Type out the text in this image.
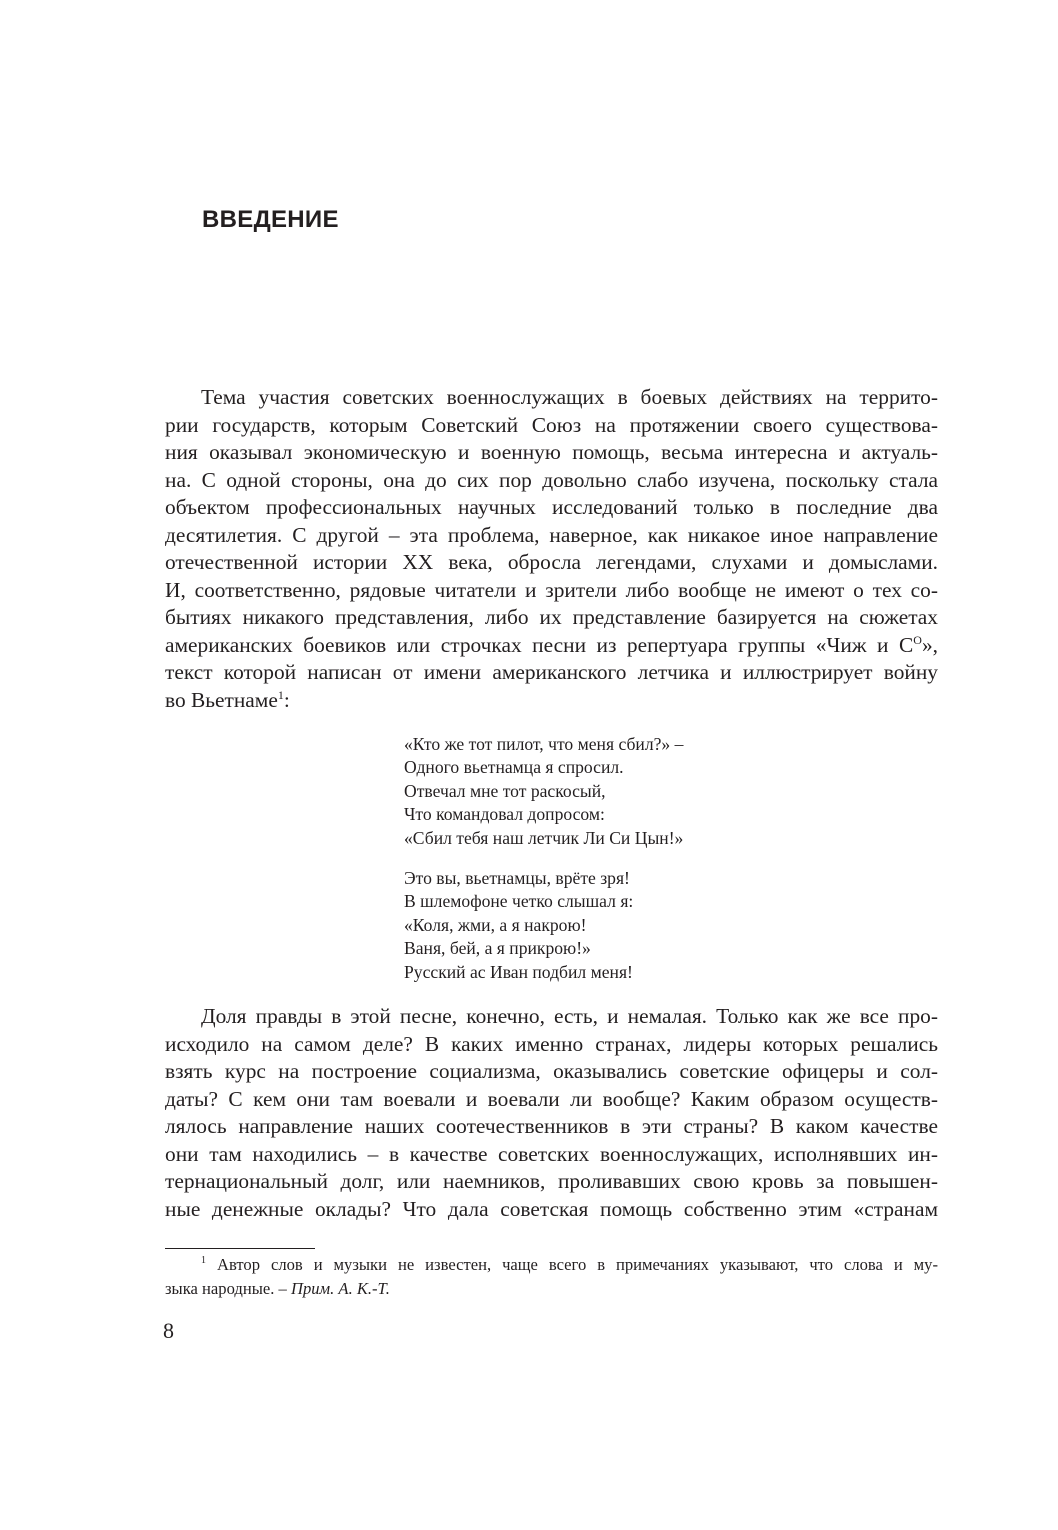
ВВЕДЕНИЕ
Тема участия советских военнослужащих в боевых действиях на террито-
рии государств, которым Советский Союз на протяжении своего существова-
ния оказывал экономическую и военную помощь, весьма интересна и актуаль-
на. С одной стороны, она до сих пор довольно слабо изучена, поскольку стала
объектом профессиональных научных исследований только в последние два
десятилетия. С другой – эта проблема, наверное, как никакое иное направление
отечественной истории XX века, обросла легендами, слухами и домыслами.
И, соответственно, рядовые читатели и зрители либо вообще не имеют о тех со-
бытиях никакого представления, либо их представление базируется на сюжетах
американских боевиков или строчках песни из репертуара группы «Чиж и $С^О$»,
текст которой написан от имени американского летчика и иллюстрирует войну
во Вьетнаме$^1$:
«Кто же тот пилот, что меня сбил?» –
Одного вьетнамца я спросил.
Отвечал мне тот раскосый,
Что командовал допросом:
«Сбил тебя наш летчик Ли Си Цын!»
Это вы, вьетнамцы, врёте зря!
В шлемофоне четко слышал я:
«Коля, жми, а я накрою!
Ваня, бей, а я прикрою!»
Русский ас Иван подбил меня!
Доля правды в этой песне, конечно, есть, и немалая. Только как же все про-
исходило на самом деле? В каких именно странах, лидеры которых решались
взять курс на построение социализма, оказывались советские офицеры и сол-
даты? С кем они там воевали и воевали ли вообще? Каким образом осуществ-
лялось направление наших соотечественников в эти страны? В каком качестве
они там находились – в качестве советских военнослужащих, исполнявших ин-
тернациональный долг, или наемников, проливавших свою кровь за повышен-
ные денежные оклады? Что дала советская помощь собственно этим «странам
$^1$ Автор слов и музыки не известен, чаще всего в примечаниях указывают, что слова и му-
зыка народные. – Прим. А. К.-Т.
8
